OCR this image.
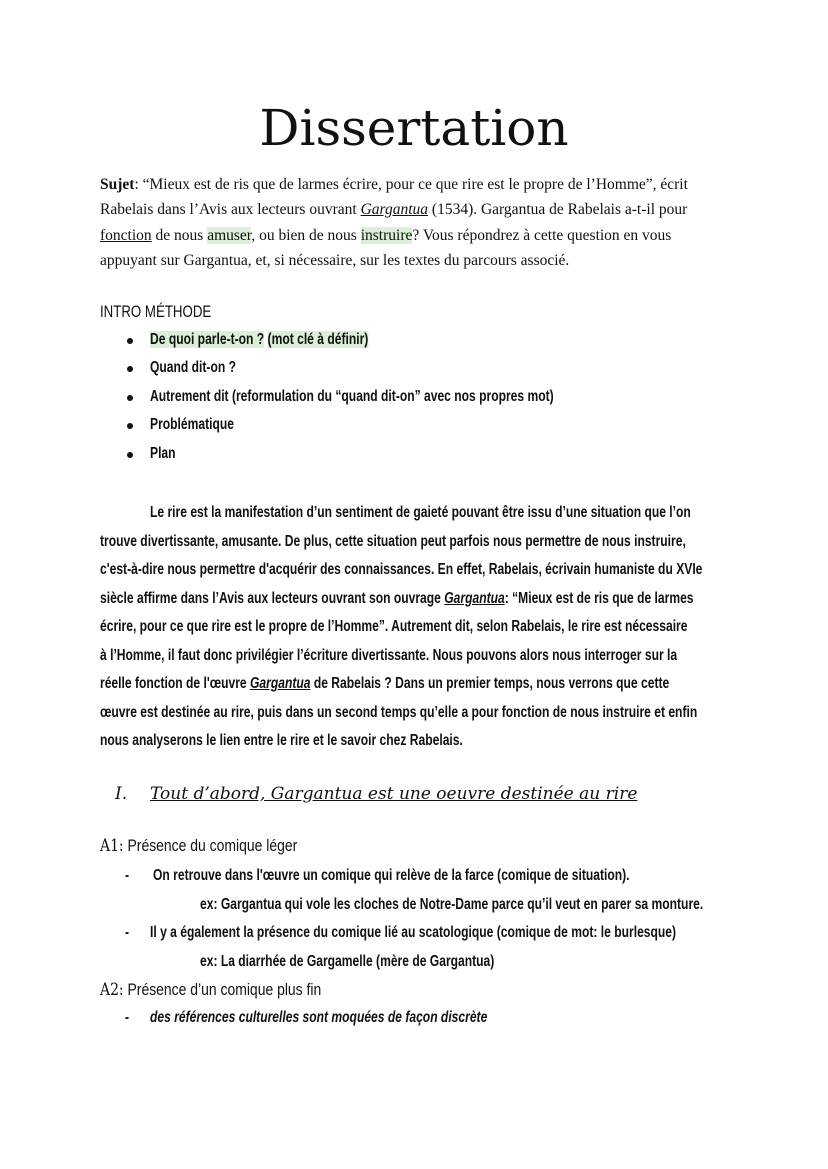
Dissertation
Sujet: “Mieux est de ris que de larmes écrire, pour ce que rire est le propre de l’Homme”, écrit
Rabelais dans l’Avis aux lecteurs ouvrant Gargantua (1534). Gargantua de Rabelais a-t-il pour
fonction de nous amuser, ou bien de nous instruire? Vous répondrez à cette question en vous
appuyant sur Gargantua, et, si nécessaire, sur les textes du parcours associé.
INTRO MÉTHODE
De quoi parle-t-on ? (mot clé à définir)
Quand dit-on ?
Autrement dit (reformulation du “quand dit-on” avec nos propres mot)
Problématique
Plan
Le rire est la manifestation d’un sentiment de gaieté pouvant être issu d’une situation que l’on
trouve divertissante, amusante. De plus, cette situation peut parfois nous permettre de nous instruire,
c'est-à-dire nous permettre d'acquérir des connaissances. En effet, Rabelais, écrivain humaniste du XVIe
siècle affirme dans l’Avis aux lecteurs ouvrant son ouvrage Gargantua: “Mieux est de ris que de larmes
écrire, pour ce que rire est le propre de l’Homme”. Autrement dit, selon Rabelais, le rire est nécessaire
à l’Homme, il faut donc privilégier l’écriture divertissante. Nous pouvons alors nous interroger sur la
réelle fonction de l'œuvre Gargantua de Rabelais ? Dans un premier temps, nous verrons que cette
œuvre est destinée au rire, puis dans un second temps qu’elle a pour fonction de nous instruire et enfin
nous analyserons le lien entre le rire et le savoir chez Rabelais.
I. Tout d’abord, Gargantua est une oeuvre destinée au rire
A1: Présence du comique léger
- On retrouve dans l'œuvre un comique qui relève de la farce (comique de situation).
ex: Gargantua qui vole les cloches de Notre-Dame parce qu’il veut en parer sa monture.
- Il y a également la présence du comique lié au scatologique (comique de mot: le burlesque)
ex: La diarrhée de Gargamelle (mère de Gargantua)
A2: Présence d’un comique plus fin
- des références culturelles sont moquées de façon discrète
